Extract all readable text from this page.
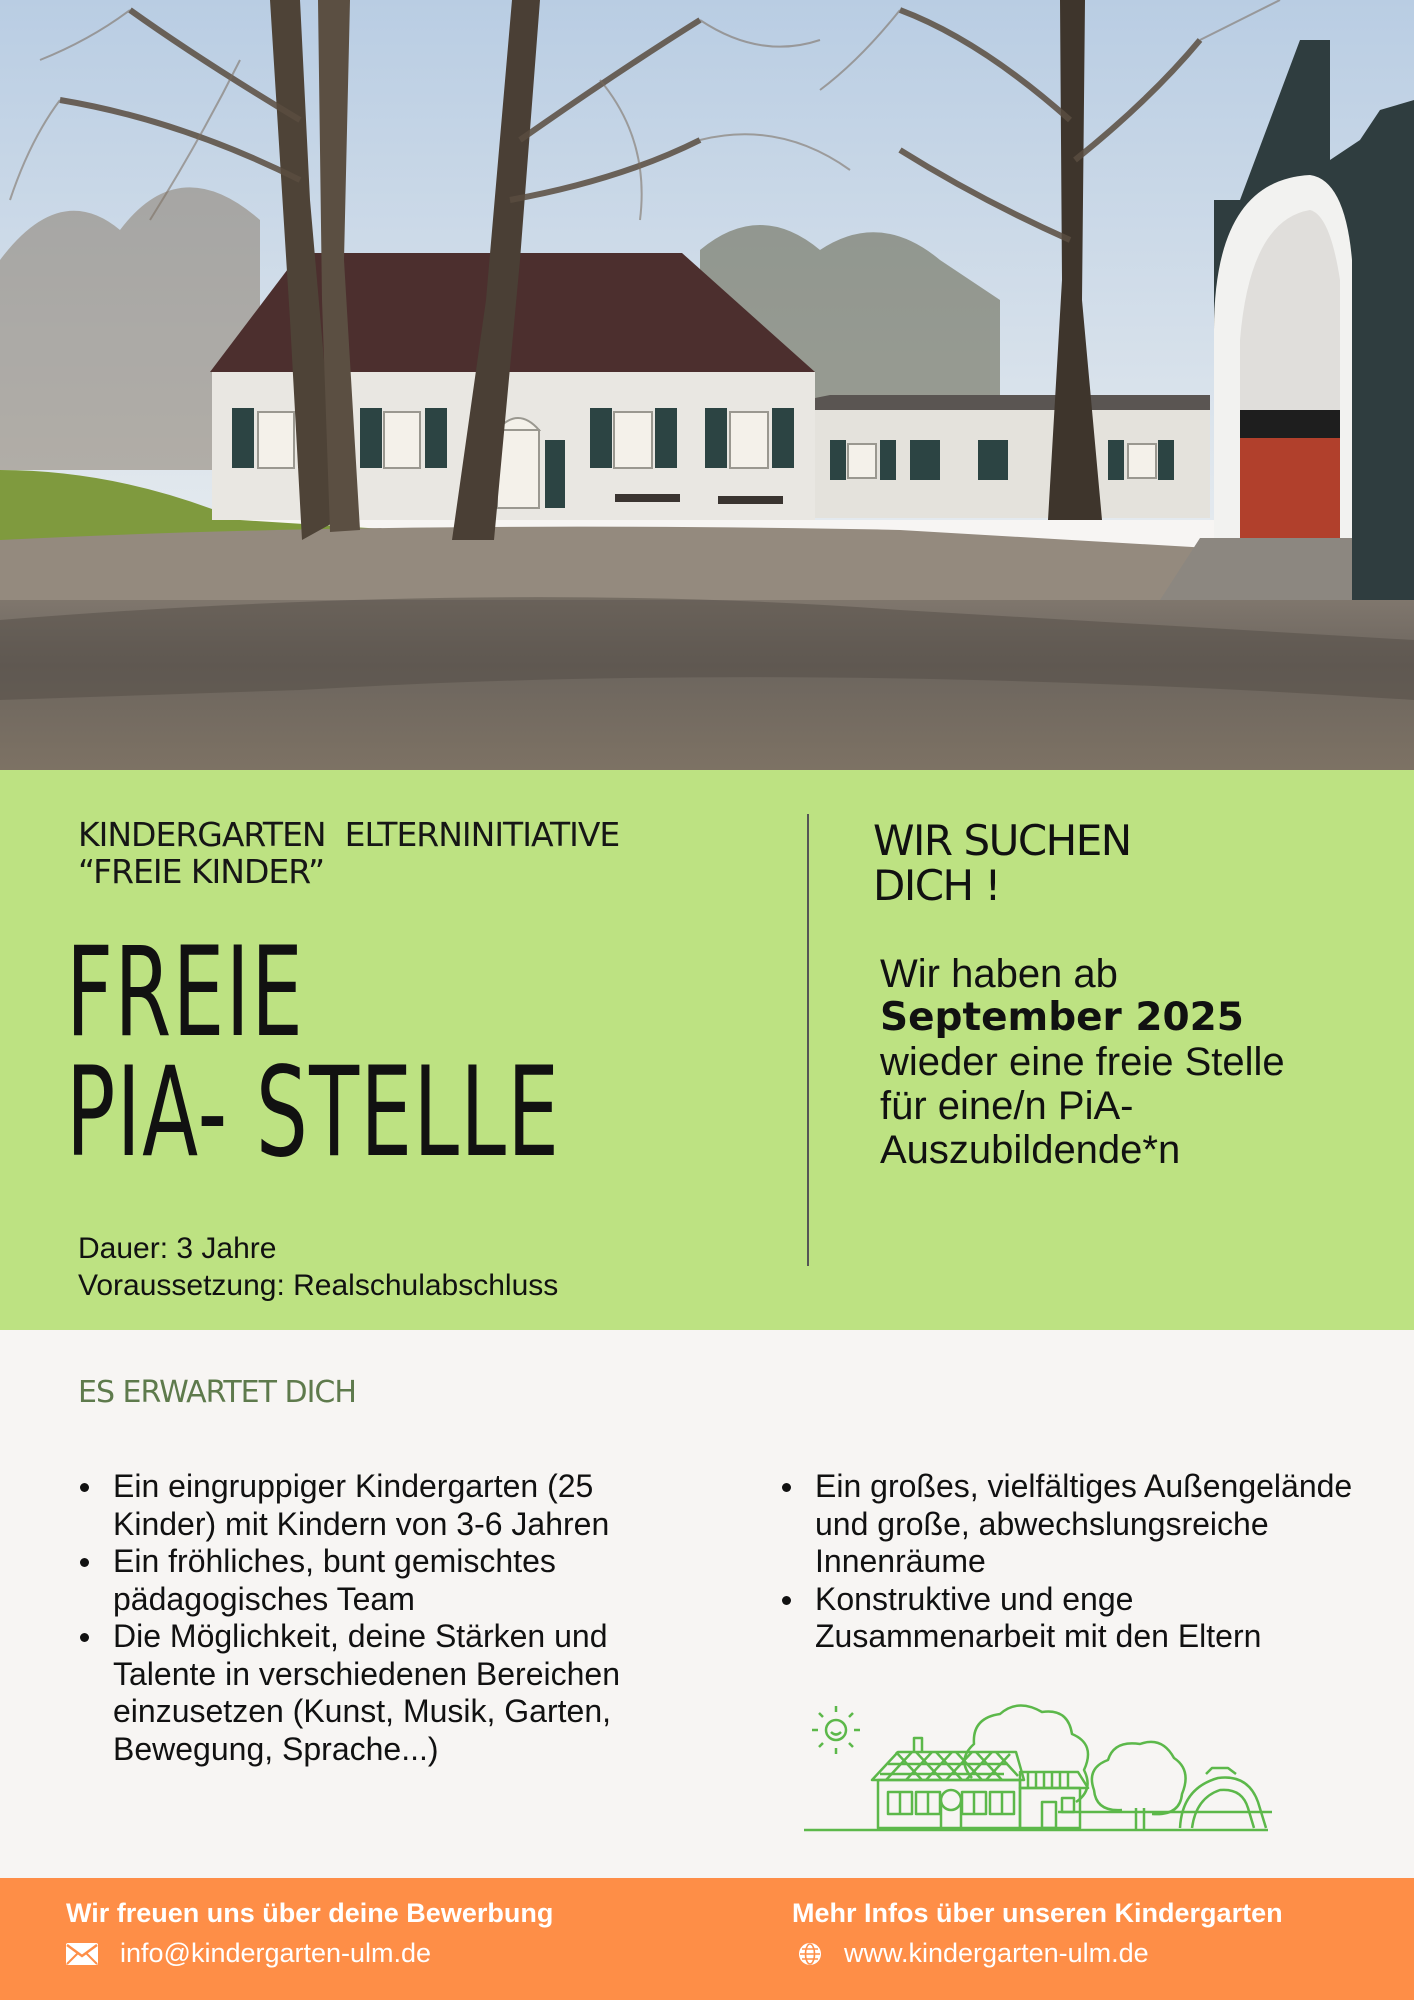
KINDERGARTEN  ELTERNINITIATIVE
“FREIE KINDER”
FREIE
PIA- STELLE
Dauer: 3 Jahre
Voraussetzung: Realschulabschluss
WIR SUCHEN
DICH !
Wir haben ab
September 2025
wieder eine freie Stelle für eine/n PiA-Auszubildende*n
ES ERWARTET DICH
Ein eingruppiger Kindergarten (25 Kinder) mit Kindern von 3-6 Jahren
Ein fröhliches, bunt gemischtes pädagogisches Team
Die Möglichkeit, deine Stärken und Talente in verschiedenen Bereichen einzusetzen (Kunst, Musik, Garten, Bewegung, Sprache...)
Ein großes, vielfältiges Außengelände und große, abwechslungsreiche Innenräume
Konstruktive und enge Zusammenarbeit mit den Eltern
Wir freuen uns über deine Bewerbung
info@kindergarten-ulm.de
Mehr Infos über unseren Kindergarten
www.kindergarten-ulm.de
